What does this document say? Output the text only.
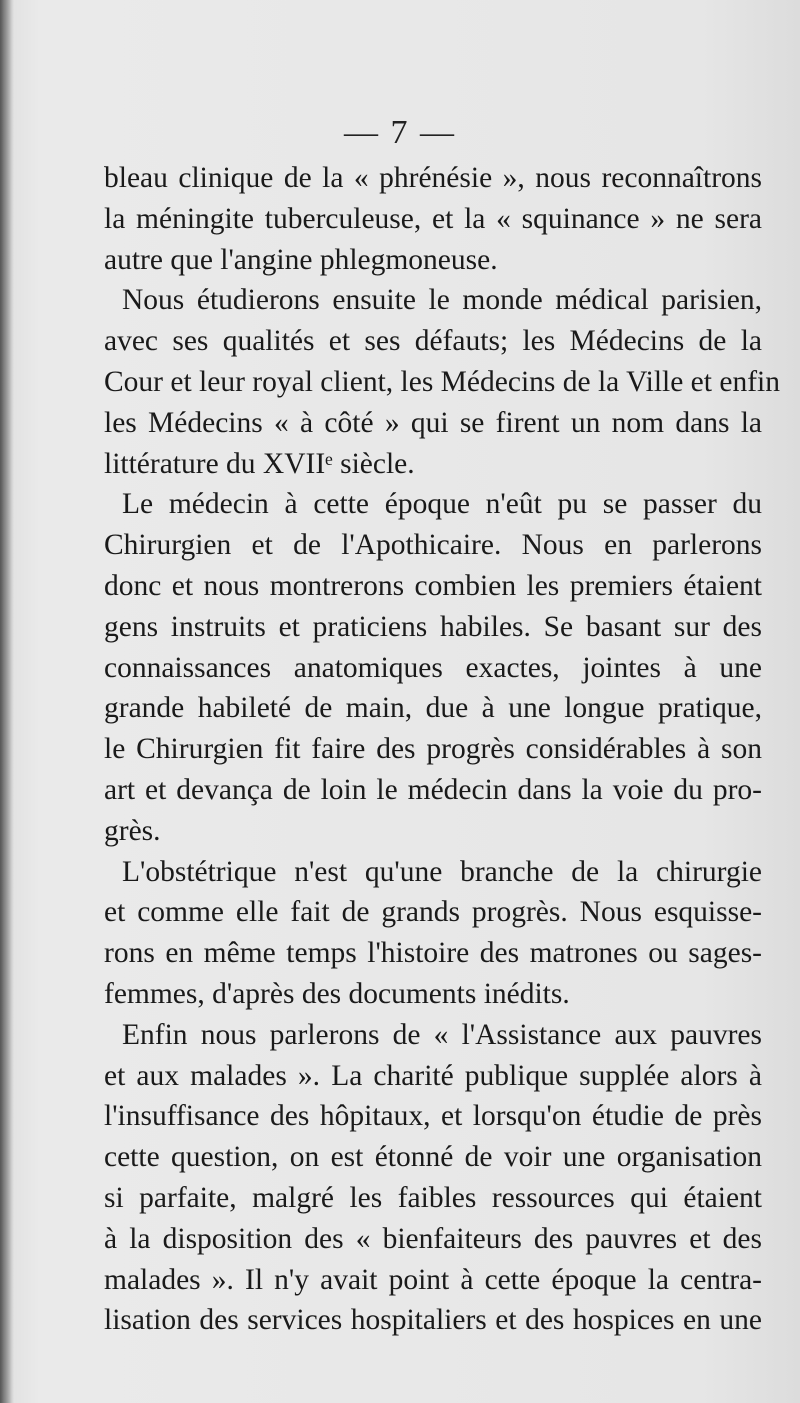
— 7 —
bleau clinique de la « phrénésie », nous reconnaîtrons
la méningite tuberculeuse, et la « squinance » ne sera
autre que l'angine phlegmoneuse.
Nous étudierons ensuite le monde médical parisien,
avec ses qualités et ses défauts; les Médecins de la
Cour et leur royal client, les Médecins de la Ville et enfin
les Médecins « à côté » qui se firent un nom dans la
littérature du XVIIᵉ siècle.
Le médecin à cette époque n'eût pu se passer du
Chirurgien et de l'Apothicaire. Nous en parlerons
donc et nous montrerons combien les premiers étaient
gens instruits et praticiens habiles. Se basant sur des
connaissances anatomiques exactes, jointes à une
grande habileté de main, due à une longue pratique,
le Chirurgien fit faire des progrès considérables à son
art et devança de loin le médecin dans la voie du pro-
grès.
L'obstétrique n'est qu'une branche de la chirurgie
et comme elle fait de grands progrès. Nous esquisse-
rons en même temps l'histoire des matrones ou sages-
femmes, d'après des documents inédits.
Enfin nous parlerons de « l'Assistance aux pauvres
et aux malades ». La charité publique supplée alors à
l'insuffisance des hôpitaux, et lorsqu'on étudie de près
cette question, on est étonné de voir une organisation
si parfaite, malgré les faibles ressources qui étaient
à la disposition des « bienfaiteurs des pauvres et des
malades ». Il n'y avait point à cette époque la centra-
lisation des services hospitaliers et des hospices en une
